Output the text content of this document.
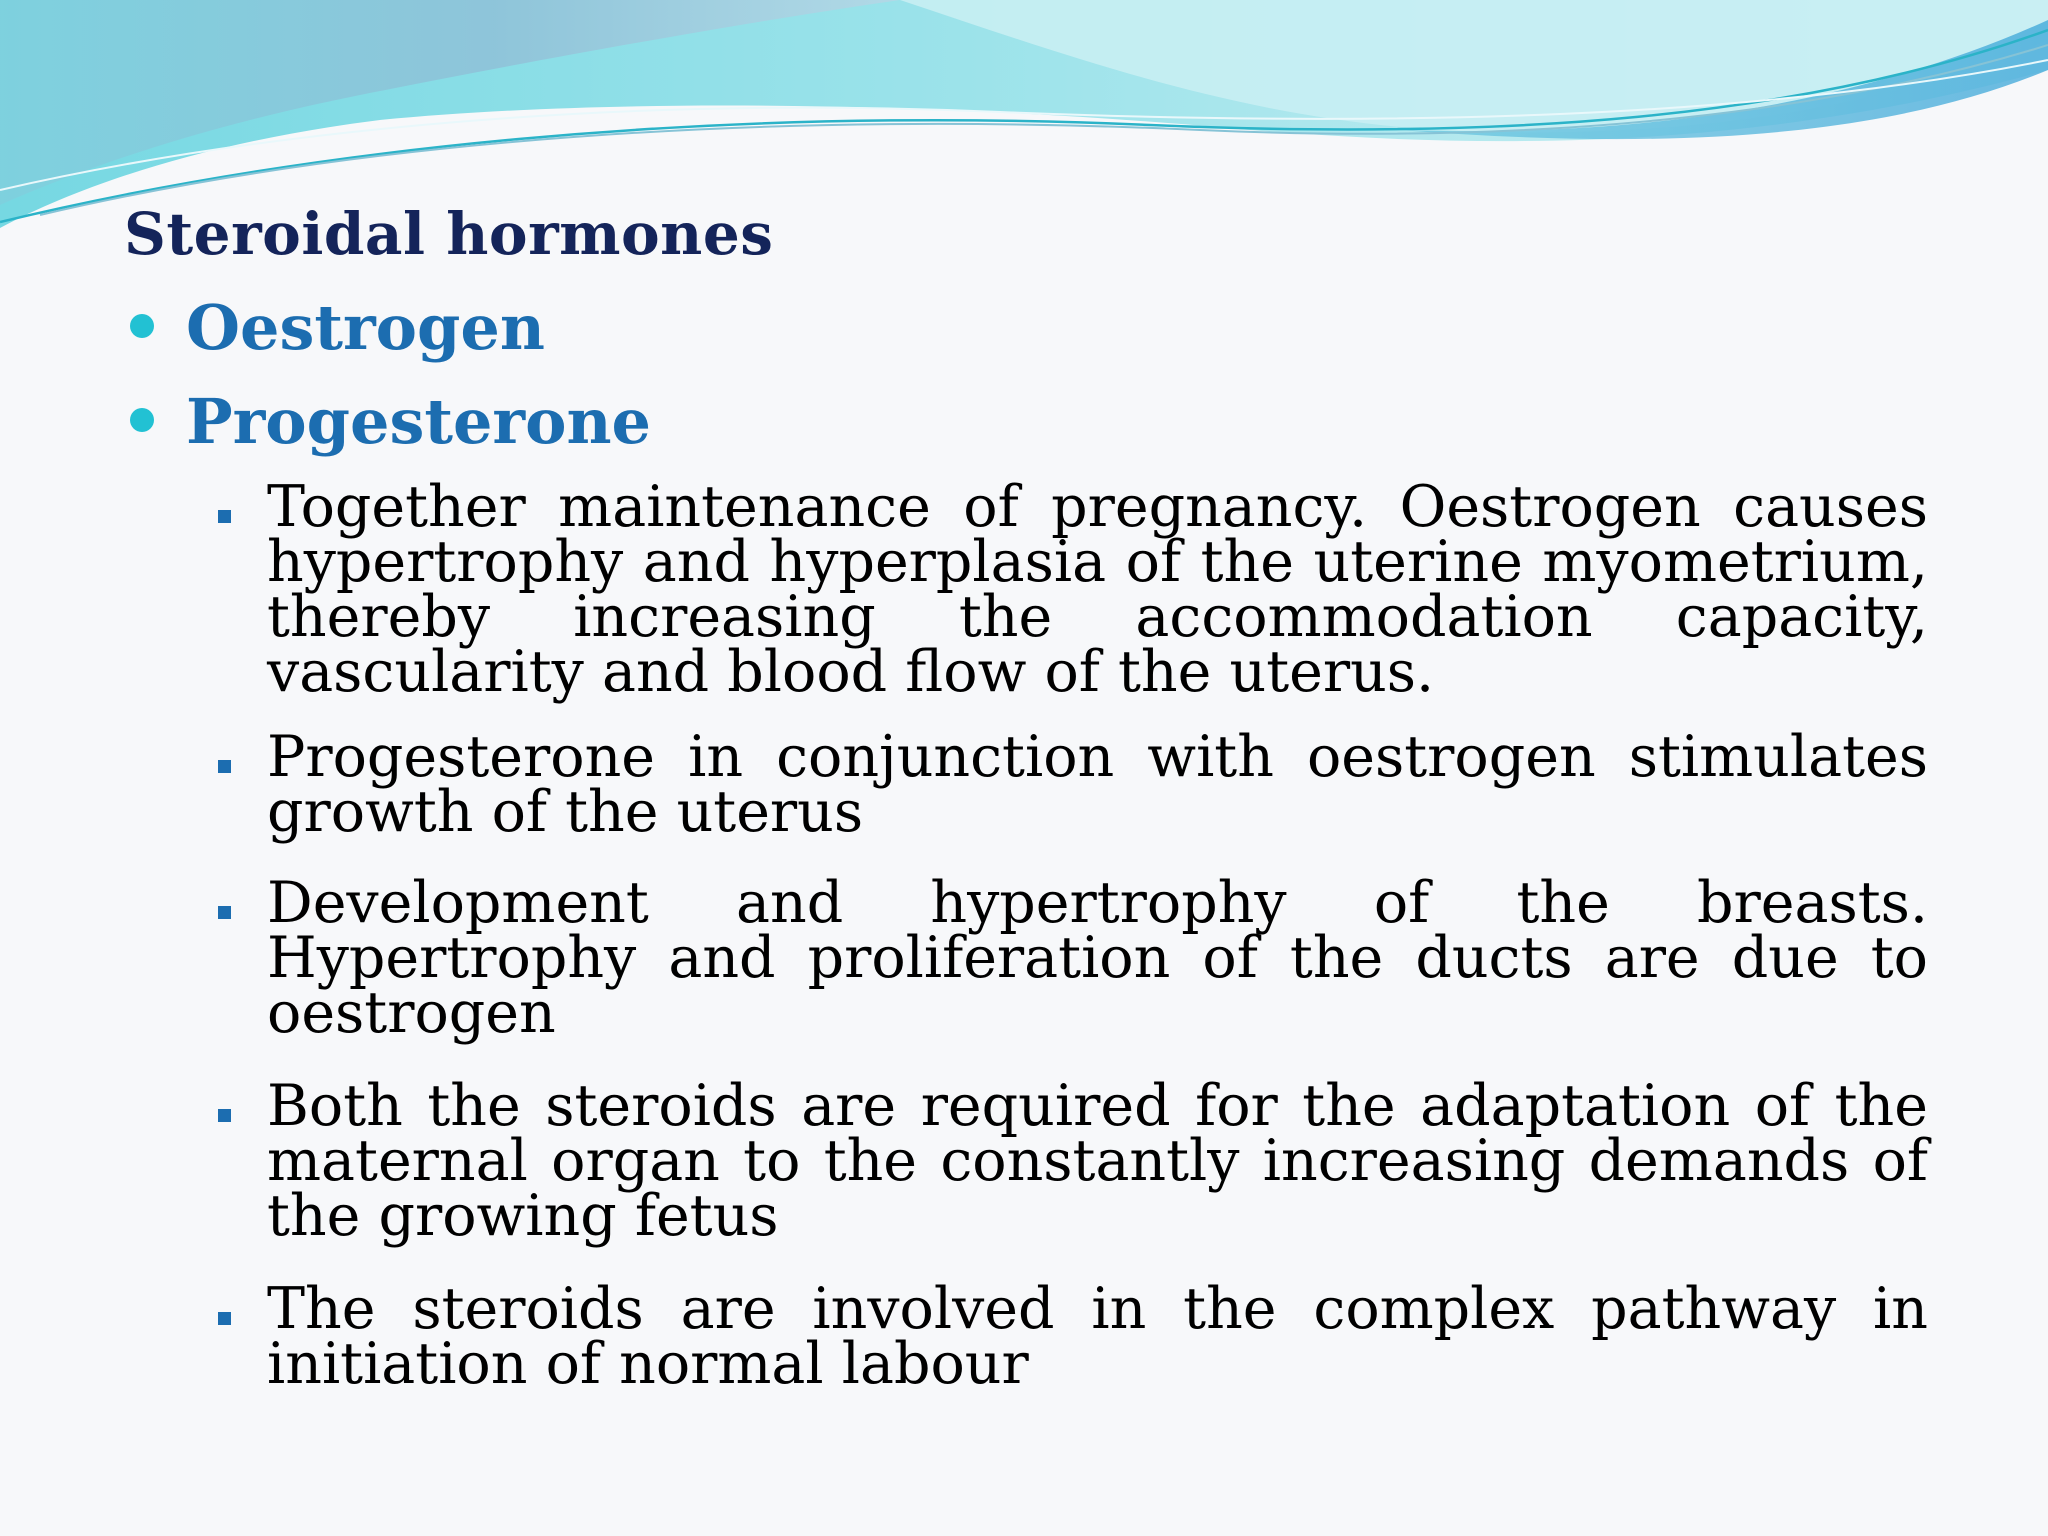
Steroidal hormones
Oestrogen
Progesterone
Together maintenance of pregnancy. Oestrogen causes hypertrophy and hyperplasia of the uterine myometrium, thereby increasing the accommodation capacity, vascularity and blood flow of the uterus.
Progesterone in conjunction with oestrogen stimulates growth of the uterus
Development and hypertrophy of the breasts. Hypertrophy and proliferation of the ducts are due to oestrogen
Both the steroids are required for the adaptation of the maternal organ to the constantly increasing demands of the growing fetus
The steroids are involved in the complex pathway in initiation of normal labour
